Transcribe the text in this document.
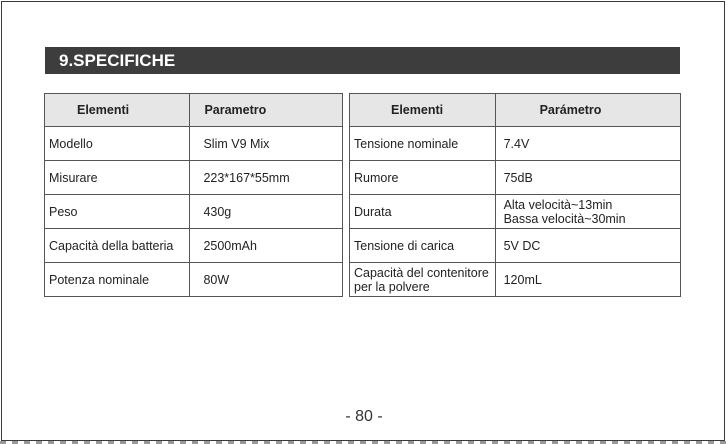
9.SPECIFICHE
Elementi	Parametro
Modello	Slim V9 Mix
Misurare	223*167*55mm
Peso	430g
Capacità della batteria	2500mAh
Potenza nominale	80W
Elementi	Parámetro

Tensione nominale	7.4V

Rumore	75dB

Durata	Alta velocità~13min
Bassa velocità~30min

Tensione di carica	5V DC

Capacità del contenitore
per la polvere	120mL
- 80 -
